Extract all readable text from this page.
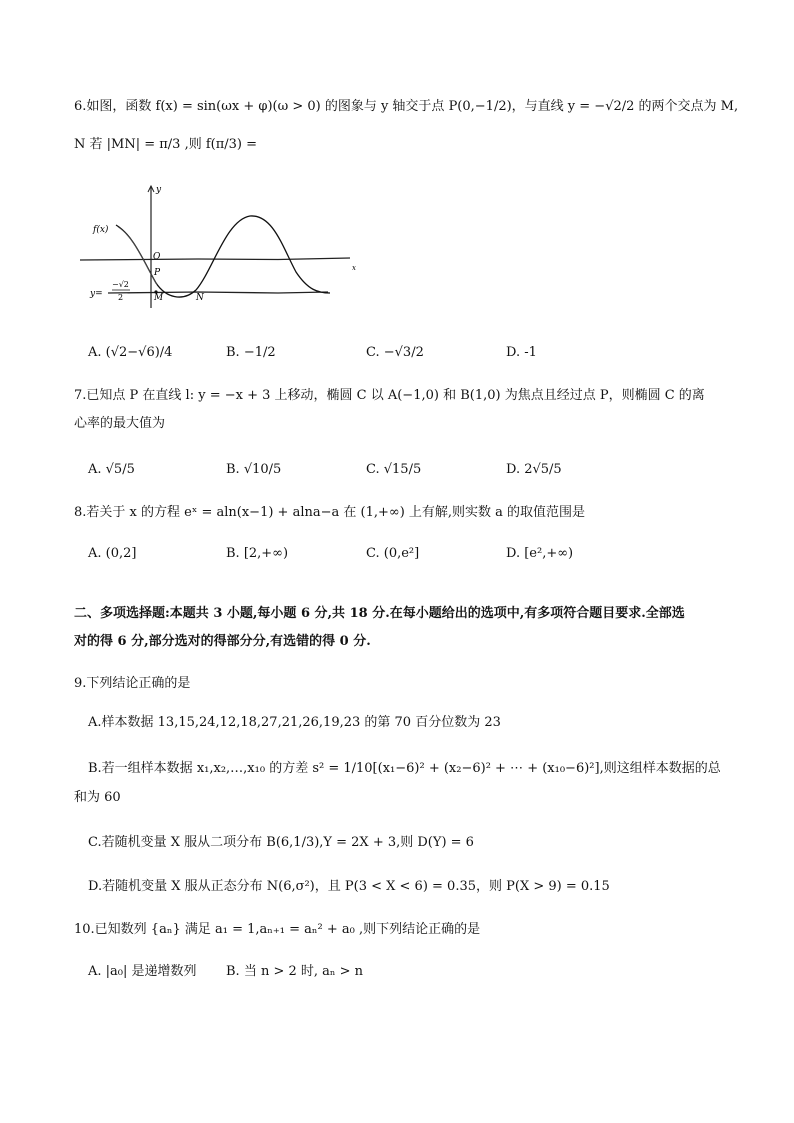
6.如图，函数 f(x) = sin(ωx + φ)(ω > 0) 的图象与 y 轴交于点 P(0,−1/2)，与直线 y = −√2/2 的两个交点为 M,
N 若 |MN| = π/3 ,则 f(π/3) =
f(x)
y
O
P
M	N
x
y=
−√2
2
A. (√2−√6)/4	B. −1/2	C. −√3/2	D. -1
7.已知点 P 在直线 l: y = −x + 3 上移动，椭圆 C 以 A(−1,0) 和 B(1,0) 为焦点且经过点 P，则椭圆 C 的离
心率的最大值为
A. √5/5	B. √10/5	C. √15/5	D. 2√5/5
8.若关于 x 的方程 eˣ = aln(x−1) + alna−a 在 (1,+∞) 上有解,则实数 a 的取值范围是
A. (0,2]	B. [2,+∞)	C. (0,e²]	D. [e²,+∞)
二、多项选择题:本题共 3 小题,每小题 6 分,共 18 分.在每小题给出的选项中,有多项符合题目要求.全部选
对的得 6 分,部分选对的得部分分,有选错的得 0 分.
9.下列结论正确的是
A.样本数据 13,15,24,12,18,27,21,26,19,23 的第 70 百分位数为 23
B.若一组样本数据 x₁,x₂,…,x₁₀ 的方差 s² = 1/10[(x₁−6)² + (x₂−6)² + ⋯ + (x₁₀−6)²],则这组样本数据的总
和为 60
C.若随机变量 X 服从二项分布 B(6,1/3),Y = 2X + 3,则 D(Y) = 6
D.若随机变量 X 服从正态分布 N(6,σ²)，且 P(3 < X < 6) = 0.35，则 P(X > 9) = 0.15
10.已知数列 {aₙ} 满足 a₁ = 1,aₙ₊₁ = aₙ² + a₀ ,则下列结论正确的是
A. |a₀| 是递增数列 B. 当 n > 2 时, aₙ > n
